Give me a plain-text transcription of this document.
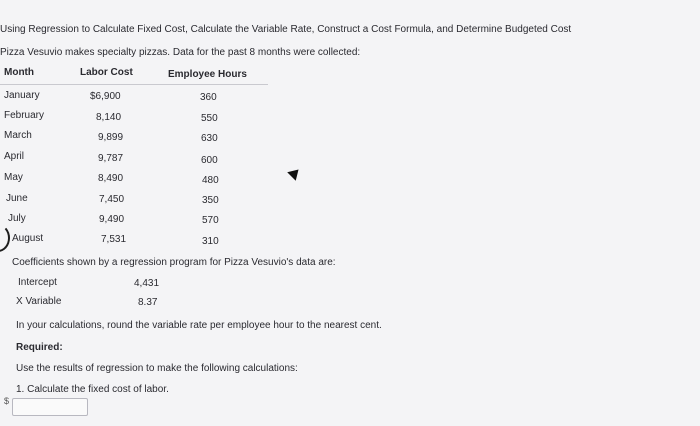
Using Regression to Calculate Fixed Cost, Calculate the Variable Rate, Construct a Cost Formula, and Determine Budgeted Cost
Pizza Vesuvio makes specialty pizzas. Data for the past 8 months were collected:
Month	Labor Cost	Employee Hours
January	$6,900	360
February	8,140	550
March	9,899	630
April	9,787	600
May	8,490	480
June	7,450	350
July	9,490	570
August	7,531	310
Coefficients shown by a regression program for Pizza Vesuvio's data are:
Intercept	4,431
X Variable	8.37
In your calculations, round the variable rate per employee hour to the nearest cent.
Required:
Use the results of regression to make the following calculations:
1. Calculate the fixed cost of labor.
$
